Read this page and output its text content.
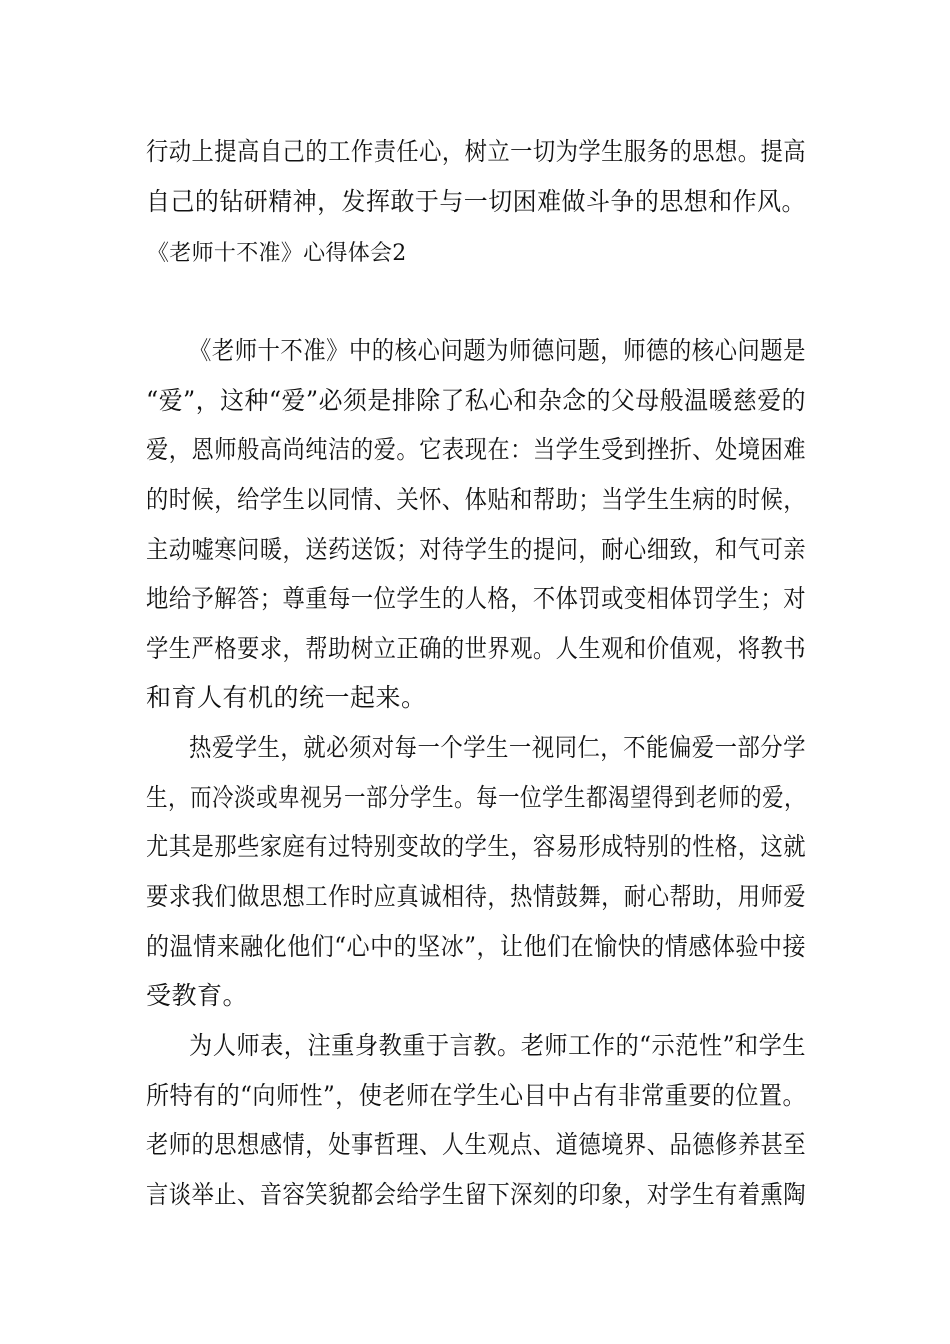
行动上提高自己的工作责任心，树立一切为学生服务的思想。提高
自己的钻研精神，发挥敢于与一切困难做斗争的思想和作风。
《老师十不准》心得体会2
《老师十不准》中的核心问题为师德问题，师德的核心问题是
“爱”，这种“爱”必须是排除了私心和杂念的父母般温暖慈爱的
爱，恩师般高尚纯洁的爱。它表现在：当学生受到挫折、处境困难
的时候，给学生以同情、关怀、体贴和帮助；当学生生病的时候，
主动嘘寒问暖，送药送饭；对待学生的提问，耐心细致，和气可亲
地给予解答；尊重每一位学生的人格，不体罚或变相体罚学生；对
学生严格要求，帮助树立正确的世界观。人生观和价值观，将教书
和育人有机的统一起来。
热爱学生，就必须对每一个学生一视同仁，不能偏爱一部分学
生，而冷淡或卑视另一部分学生。每一位学生都渴望得到老师的爱，
尤其是那些家庭有过特别变故的学生，容易形成特别的性格，这就
要求我们做思想工作时应真诚相待，热情鼓舞，耐心帮助，用师爱
的温情来融化他们“心中的坚冰”，让他们在愉快的情感体验中接
受教育。
为人师表，注重身教重于言教。老师工作的“示范性”和学生
所特有的“向师性”，使老师在学生心目中占有非常重要的位置。
老师的思想感情，处事哲理、人生观点、道德境界、品德修养甚至
言谈举止、音容笑貌都会给学生留下深刻的印象，对学生有着熏陶
